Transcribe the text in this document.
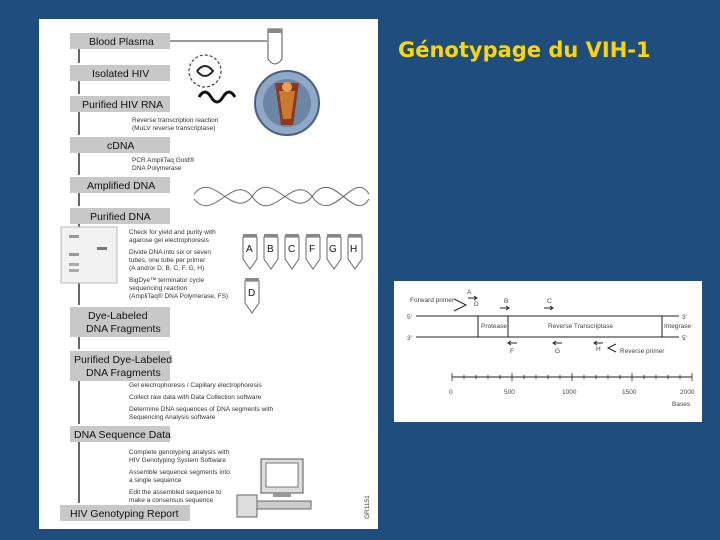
Génotypage du VIH-1
Blood Plasma
Isolated HIV
Purified HIV RNA
cDNA
Amplified DNA
Purified DNA
Dye-Labeled
DNA Fragments
Purified Dye-Labeled
DNA Fragments
DNA Sequence Data
HIV Genotyping Report
Reverse transcription reaction
(MuLV reverse transcriptase)
PCR AmpliTaq Gold®
DNA Polymerase
Check for yield and purity with
agarose gel electrophoresis
Divide DNA into six or seven
tubes, one tube per primer
(A and/or D, B, C, F, G, H)
BigDye™ terminator cycle
sequencing reaction
(AmpliTaq® DNA Polymerase, FS)
Gel electrophoresis / Capillary electrophoresis
Collect raw data with Data Collection software
Determine DNA sequences of DNA segments with
Sequencing Analysis software
Complete genotyping analysis with
HIV Genotyping System Software
Assemble sequence segments into
a single sequence
Edit the assembled sequence to
make a consensus sequence
A B C F G H
D
GR1151
5'	3'
3'	5'
Protease	Reverse Transcriptase	Integrase
Forward primer
A
D	B	C
F	G	H	Reverse primer
0	500	1000	1500	2000
Bases
